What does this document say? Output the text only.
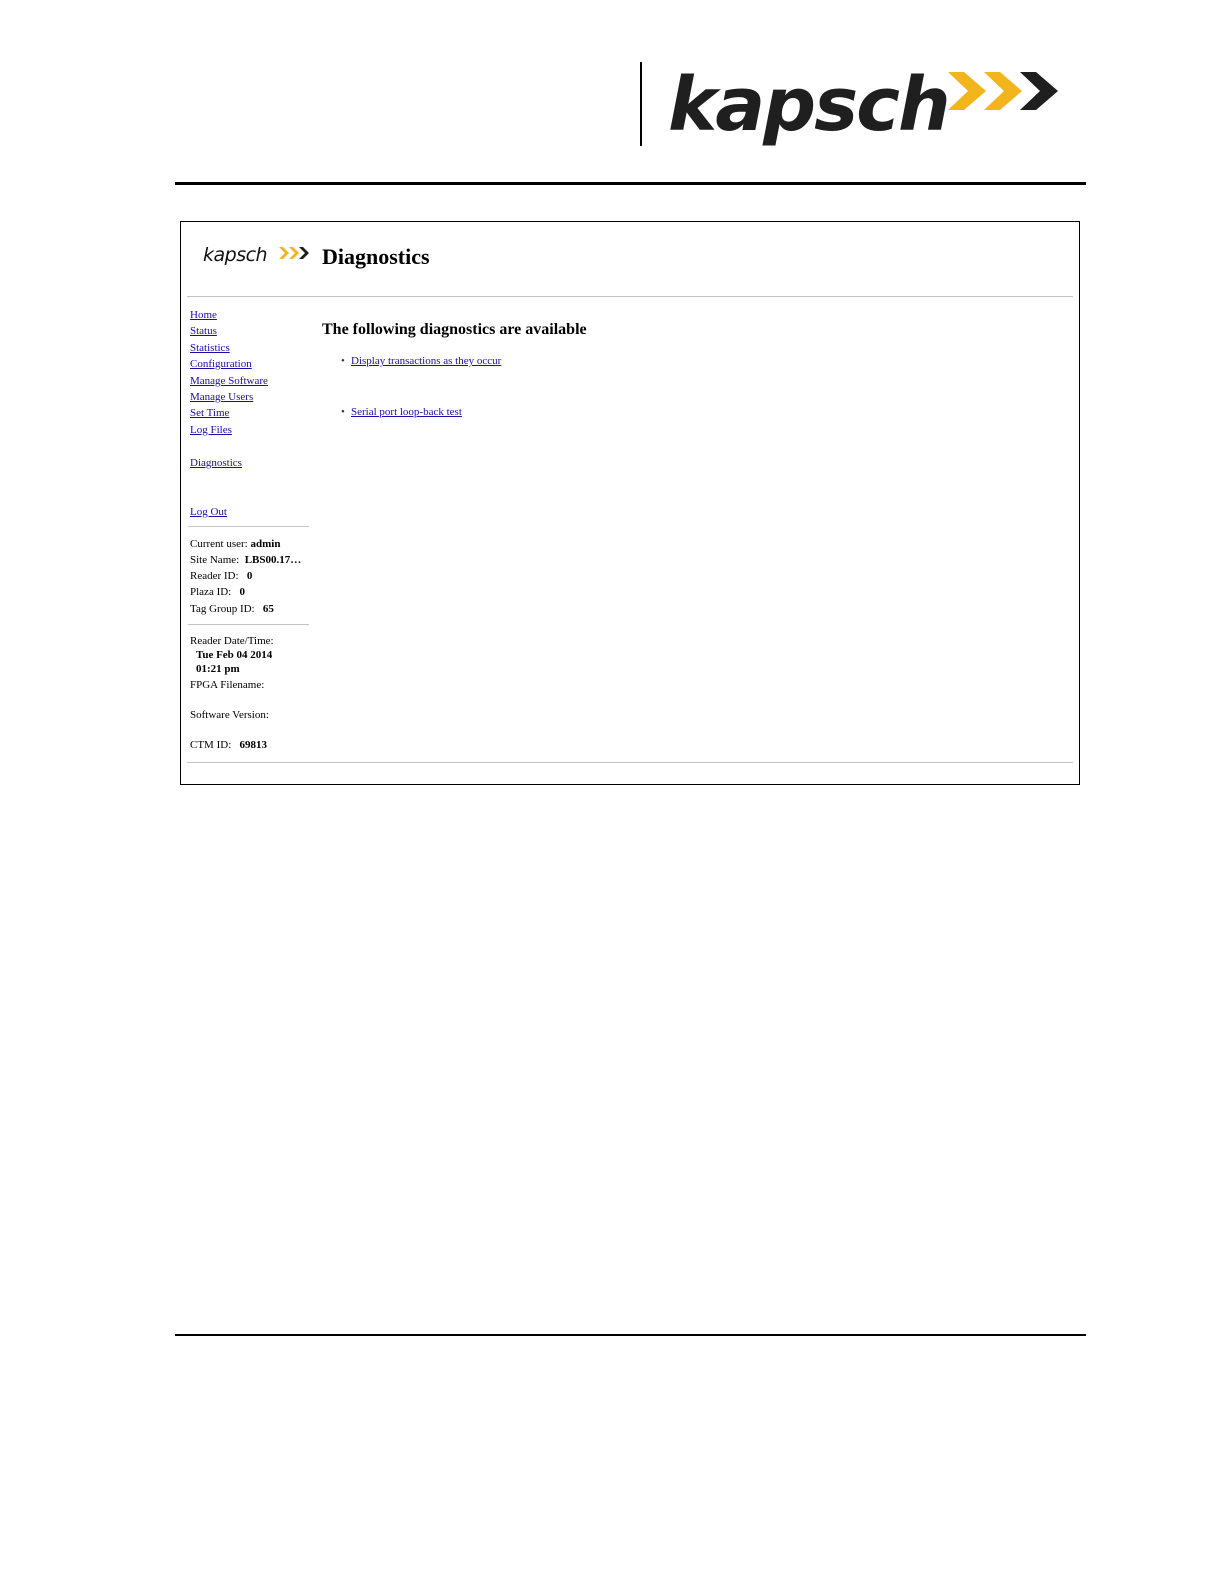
kapsch
kapsch Diagnostics
Home
Status
Statistics
Configuration
Manage Software
Manage Users
Set Time
Log Files
Diagnostics
Log Out
Current user: admin
Site Name: LBS00.17…
Reader ID: 0
Plaza ID: 0
Tag Group ID: 65
Reader Date/Time:
Tue Feb 04 2014
01:21 pm
FPGA Filename:
Software Version:
CTM ID: 69813
The following diagnostics are available
• Display transactions as they occur
• Serial port loop-back test
